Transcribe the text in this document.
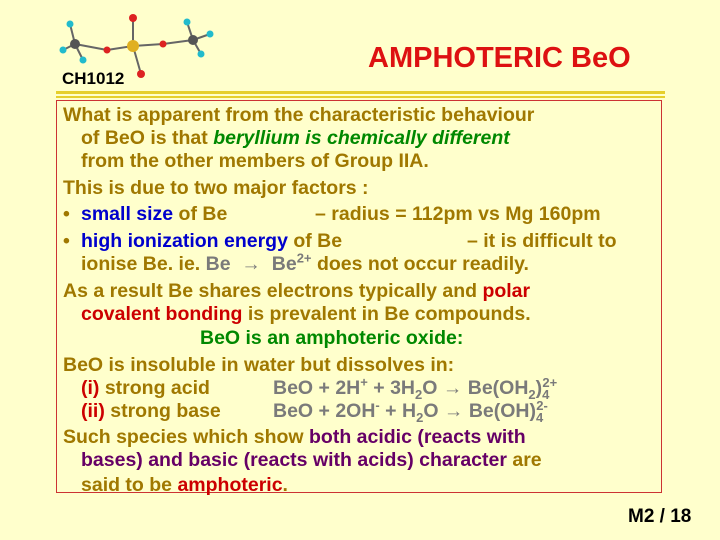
CH1012
AMPHOTERIC BeO
What is apparent from the characteristic behaviour
of BeO is that beryllium is chemically different
from the other members of Group IIA.
This is due to two major factors :
• small size of Be	– radius = 112pm vs Mg 160pm
• high ionization energy of Be	– it is difficult to
ionise Be. ie. $Be \to Be^{2+}$ does not occur readily.
As a result Be shares electrons typically and polar
covalent bonding is prevalent in Be compounds.
BeO is an amphoteric oxide:
BeO is insoluble in water but dissolves in:
(i) strong acid	BeO + $2H^+ + 3H_2O \to Be(OH_2)_4^{2+}$
(ii) strong base	BeO + $2OH^- + H_2O \to Be(OH)_4^{2-}$
Such species which show both acidic (reacts with
bases) and basic (reacts with acids) character are
said to be amphoteric.
M2 / 18
